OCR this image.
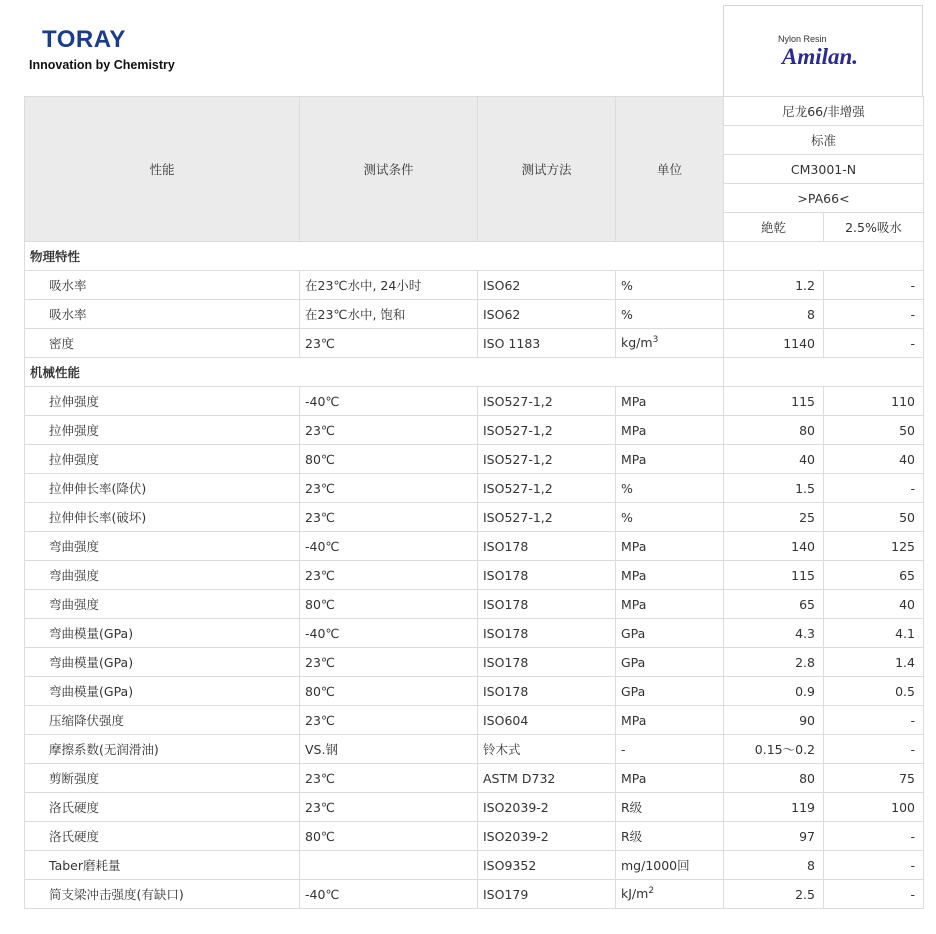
TORAY
Innovation by Chemistry
Nylon Resin
Amilan.
性能	测试条件	测试方法	单位	尼龙66/非增强	
				标准	
				CM3001-N	
				>PA66<	
				絶乾	2.5%吸水
物理特性					
吸水率	在23℃水中, 24小时	ISO62	%	1.2	-
吸水率	在23℃水中, 饱和	ISO62	%	8	-
密度	23℃	ISO 1183	$kg/m^3$	1140	-
机械性能					
拉伸强度	-40℃	ISO527-1,2	MPa	115	110
拉伸强度	23℃	ISO527-1,2	MPa	80	50
拉伸强度	80℃	ISO527-1,2	MPa	40	40
拉伸伸长率(降伏)	23℃	ISO527-1,2	%	1.5	-
拉伸伸长率(破坏)	23℃	ISO527-1,2	%	25	50
弯曲强度	-40℃	ISO178	MPa	140	125
弯曲强度	23℃	ISO178	MPa	115	65
弯曲强度	80℃	ISO178	MPa	65	40
弯曲模量(GPa)	-40℃	ISO178	GPa	4.3	4.1
弯曲模量(GPa)	23℃	ISO178	GPa	2.8	1.4
弯曲模量(GPa)	80℃	ISO178	GPa	0.9	0.5
压缩降伏强度	23℃	ISO604	MPa	90	-
摩擦系数(无润滑油)	VS.钢	铃木式	-	0.15～0.2	-
剪断强度	23℃	ASTM D732	MPa	80	75
洛氏硬度	23℃	ISO2039-2	R级	119	100
洛氏硬度	80℃	ISO2039-2	R级	97	-
Taber磨耗量		ISO9352	mg/1000回	8	-
简支梁冲击强度(有缺口)	-40℃	ISO179	$kJ/m^2$	2.5	-
